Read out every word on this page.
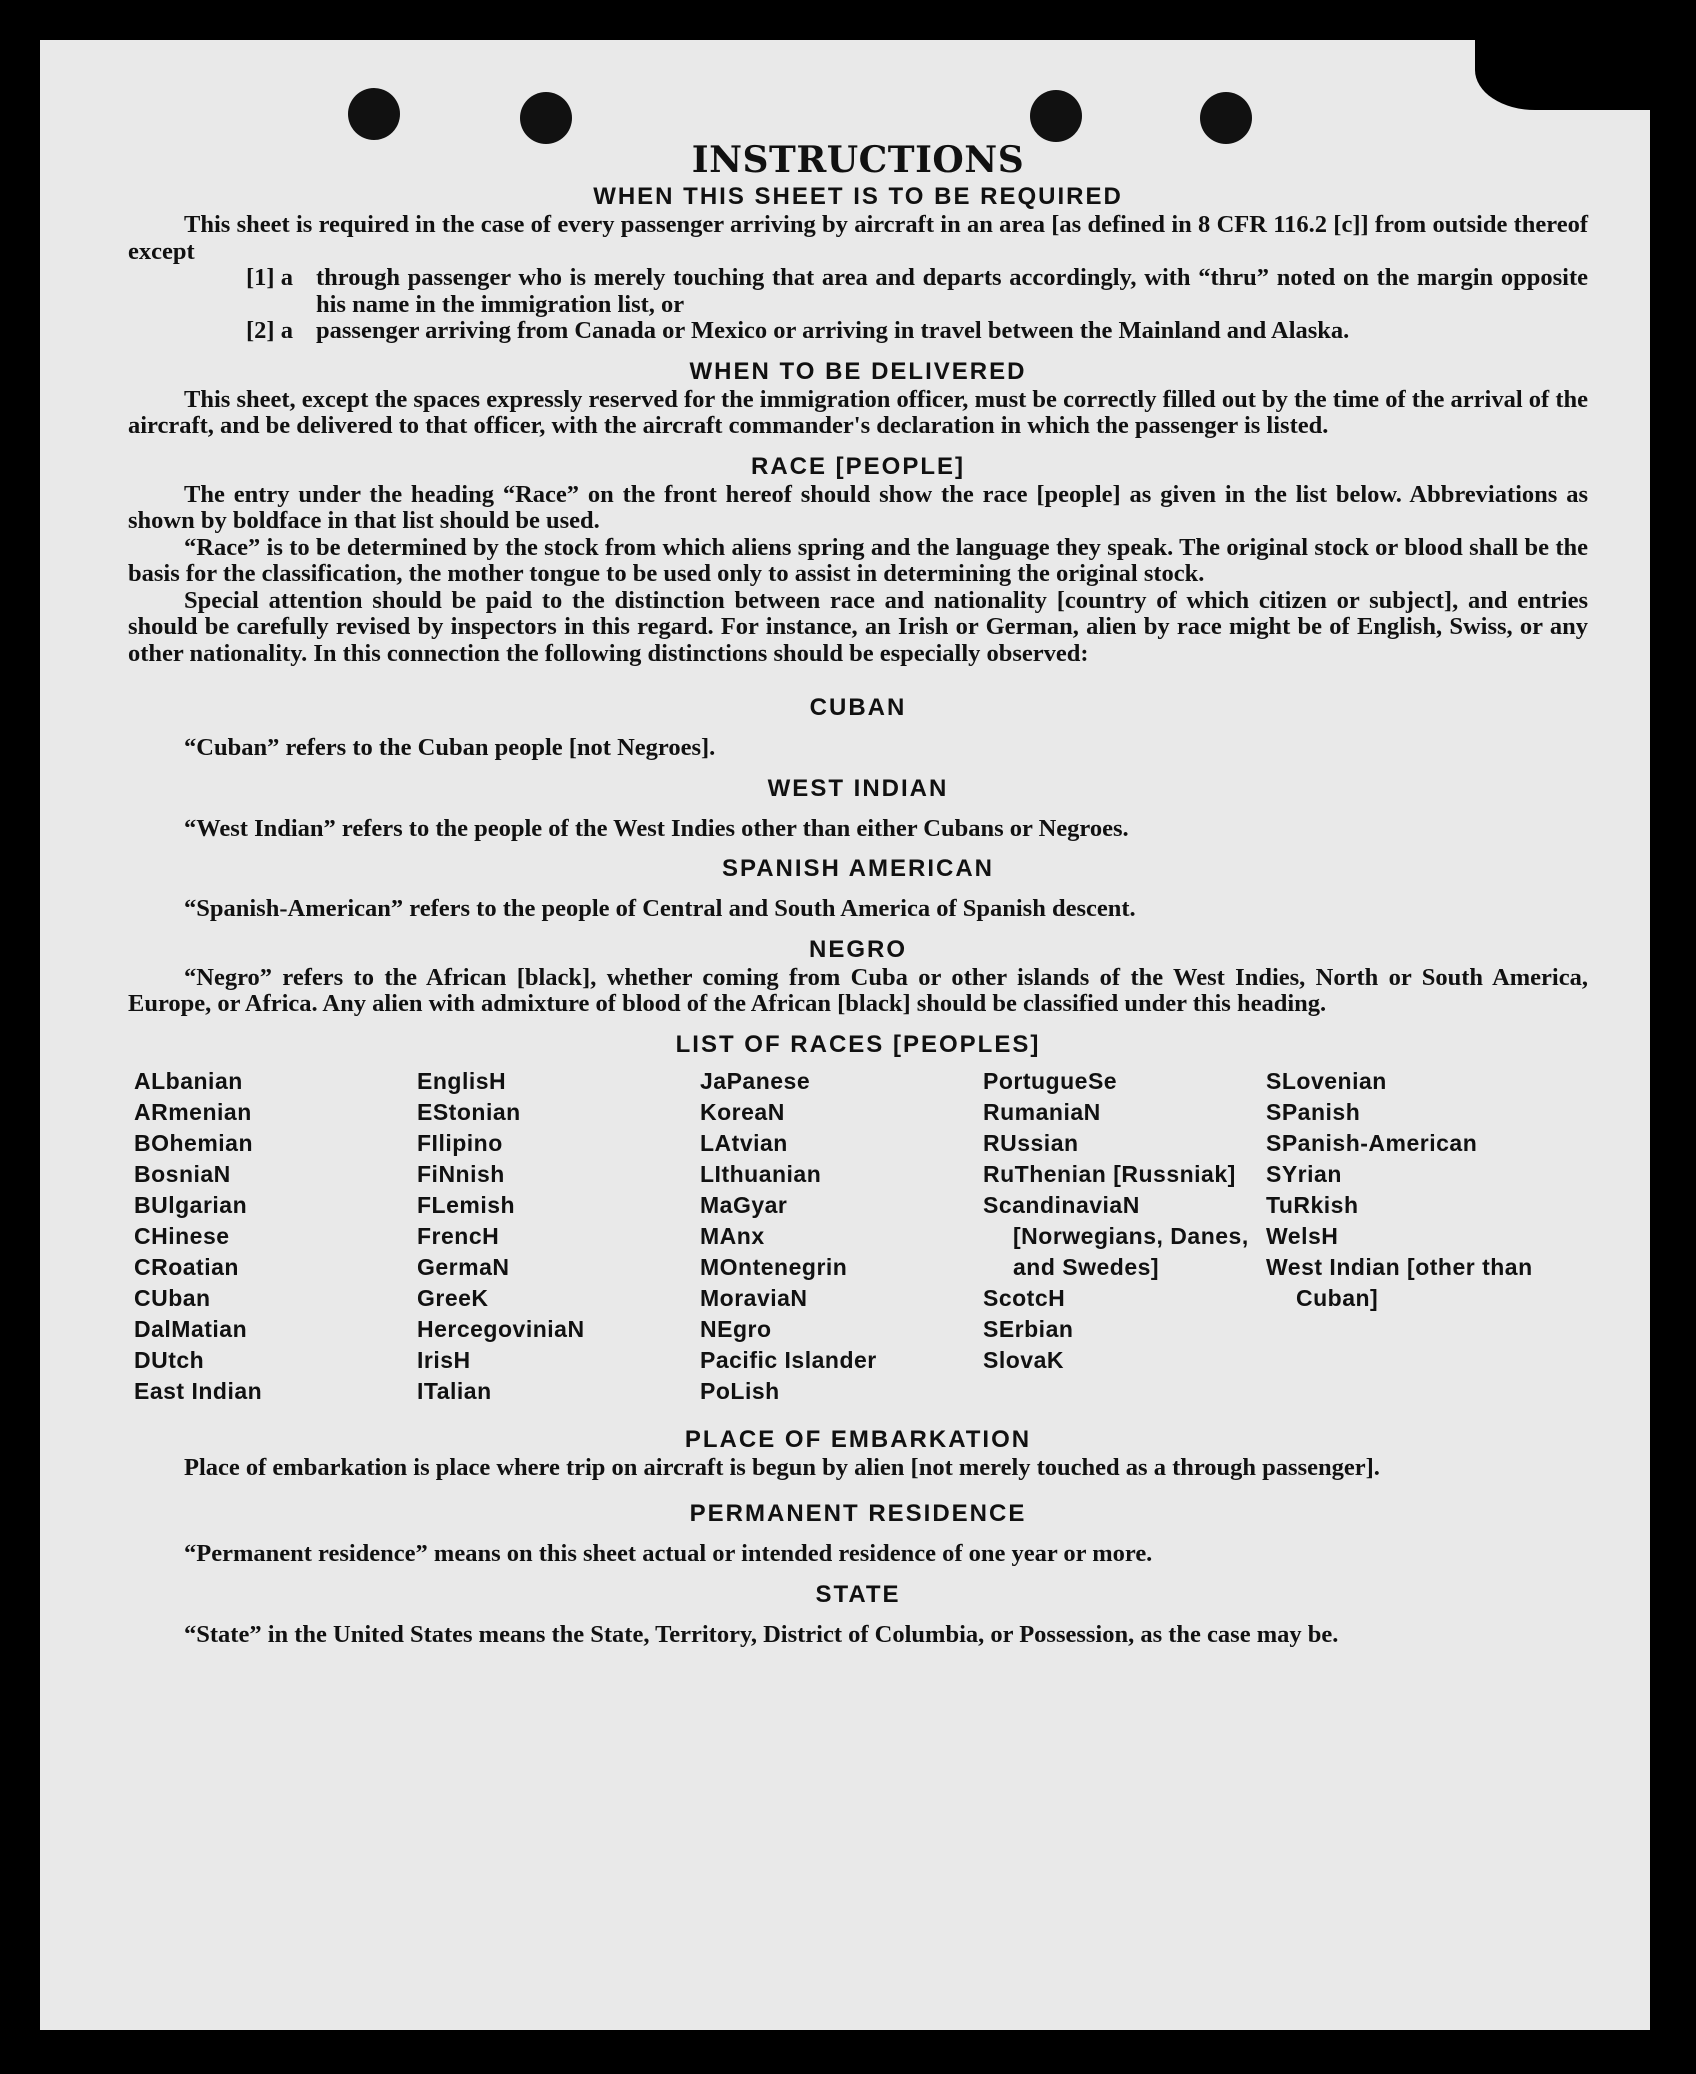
INSTRUCTIONS
WHEN THIS SHEET IS TO BE REQUIRED

This sheet is required in the case of every passenger arriving by aircraft in an area [as defined in 8 CFR 116.2 [c]] from outside thereof except

[1] a through passenger who is merely touching that area and departs accordingly, with “thru” noted on the margin opposite his name in the immigration list, or
[2] a passenger arriving from Canada or Mexico or arriving in travel between the Mainland and Alaska.
WHEN TO BE DELIVERED

This sheet, except the spaces expressly reserved for the immigration officer, must be correctly filled out by the time of the arrival of the aircraft, and be delivered to that officer, with the aircraft commander's declaration in which the passenger is listed.

RACE [PEOPLE]

The entry under the heading “Race” on the front hereof should show the race [people] as given in the list below. Abbreviations as shown by boldface in that list should be used.

“Race” is to be determined by the stock from which aliens spring and the language they speak. The original stock or blood shall be the basis for the classification, the mother tongue to be used only to assist in determining the original stock.

Special attention should be paid to the distinction between race and nationality [country of which citizen or subject], and entries should be carefully revised by inspectors in this regard. For instance, an Irish or German, alien by race might be of English, Swiss, or any other nationality. In this connection the following distinctions should be especially observed:

CUBAN

“Cuban” refers to the Cuban people [not Negroes].

WEST INDIAN

“West Indian” refers to the people of the West Indies other than either Cubans or Negroes.

SPANISH AMERICAN

“Spanish-American” refers to the people of Central and South America of Spanish descent.

NEGRO

“Negro” refers to the African [black], whether coming from Cuba or other islands of the West Indies, North or South America, Europe, or Africa. Any alien with admixture of blood of the African [black] should be classified under this heading.

LIST OF RACES [PEOPLES]
ALbanian
ARmenian
BOhemian
BosniaN
BUlgarian
CHinese
CRoatian
CUban
DalMatian
DUtch
East Indian
EnglisH
EStonian
FIlipino
FiNnish
FLemish
FrencH
GermaN
GreeK
HercegoviniaN
IrisH
ITalian
JaPanese
KoreaN
LAtvian
LIthuanian
MaGyar
MAnx
MOntenegrin
MoraviaN
NEgro
Pacific Islander
PoLish
PortugueSe
RumaniaN
RUssian
RuThenian [Russniak]
ScandinaviaN [Norwegians, Danes, and Swedes]
ScotcH
SErbian
SlovaK
SLovenian
SPanish
SPanish-American
SYrian
TuRkish
WelsH
West Indian [other than Cuban]
PLACE OF EMBARKATION

Place of embarkation is place where trip on aircraft is begun by alien [not merely touched as a through passenger].

PERMANENT RESIDENCE

“Permanent residence” means on this sheet actual or intended residence of one year or more.

STATE

“State” in the United States means the State, Territory, District of Columbia, or Possession, as the case may be.
